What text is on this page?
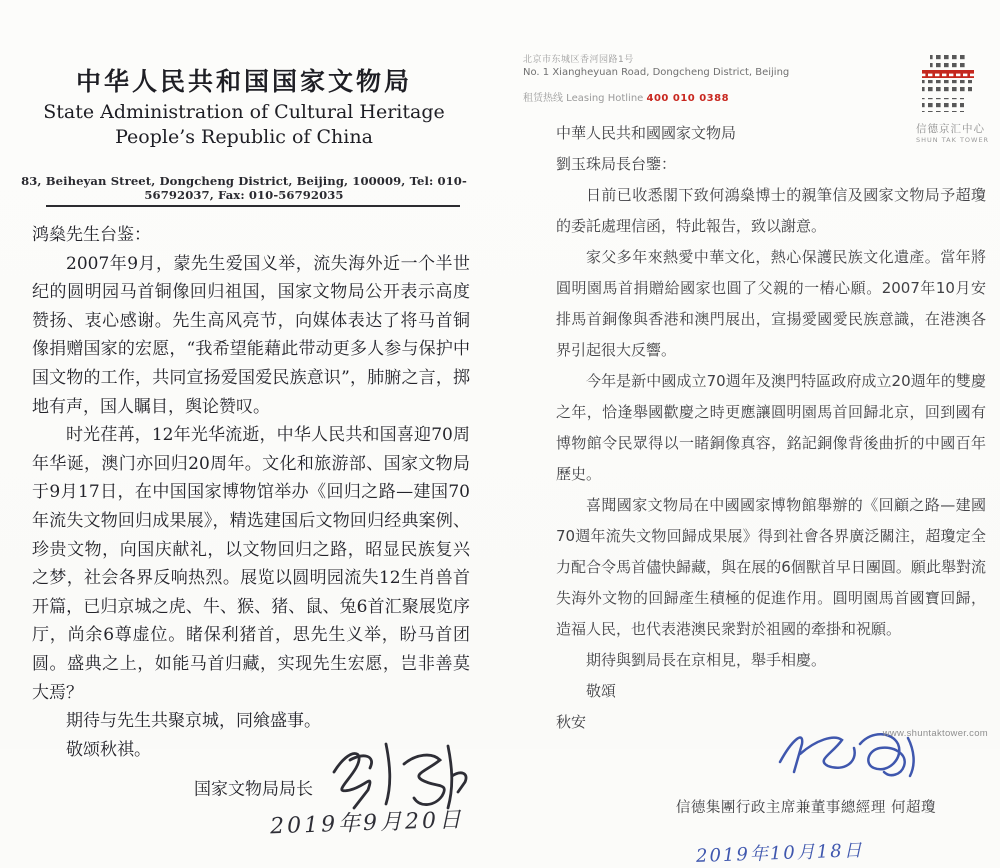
中华人民共和国国家文物局
State Administration of Cultural Heritage
People’s Republic of China
83, Beiheyan Street, Dongcheng District, Beijing, 100009, Tel: 010-56792037, Fax: 010-56792035

鸿燊先生台鉴：

2007年9月，蒙先生爱国义举，流失海外近一个半世纪的圆明园马首铜像回归祖国，国家文物局公开表示高度赞扬、衷心感谢。先生高风亮节，向媒体表达了将马首铜像捐赠国家的宏愿，“我希望能藉此带动更多人参与保护中国文物的工作，共同宣扬爱国爱民族意识”，肺腑之言，掷地有声，国人瞩目，舆论赞叹。

时光荏苒，12年光华流逝，中华人民共和国喜迎70周年华诞，澳门亦回归20周年。文化和旅游部、国家文物局于9月17日，在中国国家博物馆举办《回归之路—建国70年流失文物回归成果展》，精选建国后文物回归经典案例、珍贵文物，向国庆献礼，以文物回归之路，昭显民族复兴之梦，社会各界反响热烈。展览以圆明园流失12生肖兽首开篇，已归京城之虎、牛、猴、猪、鼠、兔6首汇聚展览序厅，尚余6尊虚位。睹保利猪首，思先生义举，盼马首团圆。盛典之上，如能马首归藏，实现先生宏愿，岂非善莫大焉？

期待与先生共聚京城，同飨盛事。

敬颂秋祺。

国家文物局局长
2019年9月20日
北京市东城区香河园路1号
No. 1 Xiangheyuan Road, Dongcheng District, Beijing
租赁热线 Leasing Hotline 400 010 0388
信德京汇中心
SHUN TAK TOWER

中華人民共和國國家文物局

劉玉珠局長台鑒：

日前已收悉閣下致何鴻燊博士的親筆信及國家文物局予超瓊的委託處理信函，特此報告，致以謝意。

家父多年來熱愛中華文化，熱心保護民族文化遺產。當年將圓明園馬首捐贈給國家也圓了父親的一樁心願。2007年10月安排馬首銅像與香港和澳門展出，宣揚愛國愛民族意識，在港澳各界引起很大反響。

今年是新中國成立70週年及澳門特區政府成立20週年的雙慶之年，恰逢舉國歡慶之時更應讓圓明園馬首回歸北京，回到國有博物館令民眾得以一睹銅像真容，銘記銅像背後曲折的中國百年歷史。

喜聞國家文物局在中國國家博物館舉辦的《回顧之路—建國70週年流失文物回歸成果展》得到社會各界廣泛關注，超瓊定全力配合令馬首儘快歸藏，與在展的6個獸首早日團圓。願此舉對流失海外文物的回歸產生積極的促進作用。圓明園馬首國寶回歸，造福人民，也代表港澳民衆對於祖國的牽掛和祝願。

期待與劉局長在京相見，舉手相慶。

敬頌

秋安

信德集團行政主席兼董事總經理 何超瓊
2019年10月18日
www.shuntaktower.com
